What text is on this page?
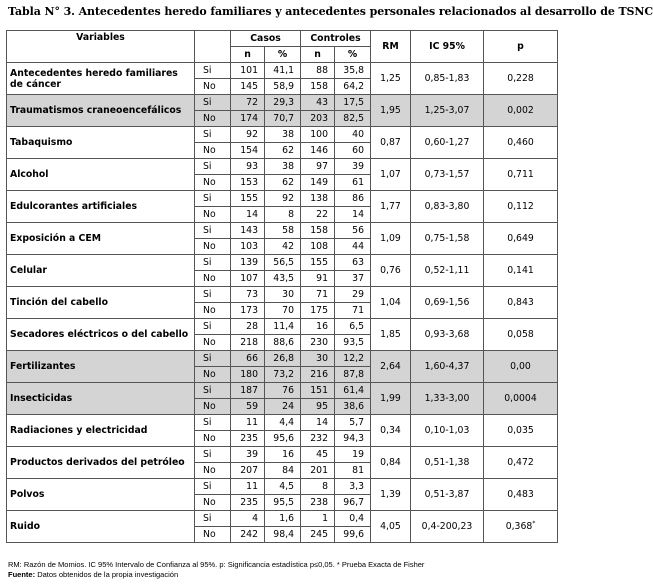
Tabla N° 3. Antecedentes heredo familiares y antecedentes personales relacionados al desarrollo de TSNC
Variables		Casos		Controles		RM	IC 95%	p
		n	%	n	%			
Antecedentes heredo familiares de cáncer	Si	101	41,1	88	35,8	1,25	0,85-1,83	0,228
	No	145	58,9	158	64,2			
Traumatismos craneoencefálicos	Si	72	29,3	43	17,5	1,95	1,25-3,07	0,002
	No	174	70,7	203	82,5			
Tabaquismo	Si	92	38	100	40	0,87	0,60-1,27	0,460
	No	154	62	146	60			
Alcohol	Si	93	38	97	39	1,07	0,73-1,57	0,711
	No	153	62	149	61			
Edulcorantes artificiales	Si	155	92	138	86	1,77	0,83-3,80	0,112
	No	14	8	22	14			
Exposición a CEM	Si	143	58	158	56	1,09	0,75-1,58	0,649
	No	103	42	108	44			
Celular	Si	139	56,5	155	63	0,76	0,52-1,11	0,141
	No	107	43,5	91	37			
Tinción del cabello	Si	73	30	71	29	1,04	0,69-1,56	0,843
	No	173	70	175	71			
Secadores eléctricos o del cabello	Si	28	11,4	16	6,5	1,85	0,93-3,68	0,058
	No	218	88,6	230	93,5			
Fertilizantes	Si	66	26,8	30	12,2	2,64	1,60-4,37	0,00
	No	180	73,2	216	87,8			
Insecticidas	Si	187	76	151	61,4	1,99	1,33-3,00	0,0004
	No	59	24	95	38,6			
Radiaciones y electricidad	Si	11	4,4	14	5,7	0,34	0,10-1,03	0,035
	No	235	95,6	232	94,3			
Productos derivados del petróleo	Si	39	16	45	19	0,84	0,51-1,38	0,472
	No	207	84	201	81			
Polvos	Si	11	4,5	8	3,3	1,39	0,51-3,87	0,483
	No	235	95,5	238	96,7			
Ruido	Si	4	1,6	1	0,4	4,05	0,4-200,23	0,368*
	No	242	98,4	245	99,6			
RM: Razón de Momios. IC 95% Intervalo de Confianza al 95%. p: Significancia estadística p≤0,05. * Prueba Exacta de Fisher
Fuente: Datos obtenidos de la propia investigación
